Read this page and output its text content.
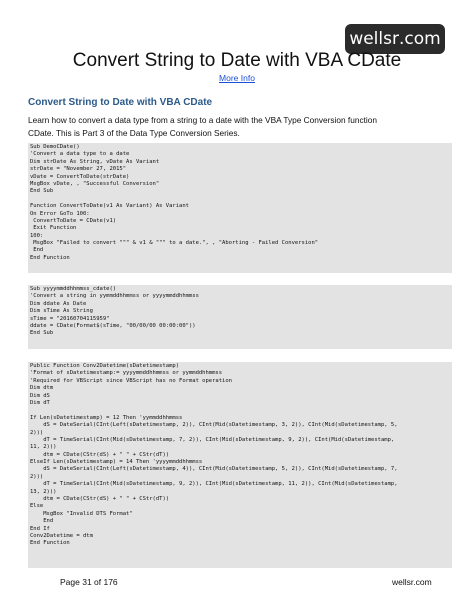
wellsr .com
Convert String to Date with VBA CDate
More Info
Convert String to Date with VBA CDate
Learn how to convert a data type from a string to a date with the VBA Type Conversion function
CDate. This is Part 3 of the Data Type Conversion Series.
Sub DemoCDate()
'Convert a data type to a date
Dim strDate As String, vDate As Variant
strDate = "November 27, 2015"
vDate = ConvertToDate(strDate)
MsgBox vDate, , "Successful Conversion"
End Sub
Function ConvertToDate(v1 As Variant) As Variant
On Error GoTo 100:
ConvertToDate = CDate(v1)
Exit Function
100:
MsgBox "Failed to convert """ & v1 & """ to a date.", , "Aborting - Failed Conversion"
End
End Function
Sub yyyymmddhhmmss_cdate()
'Convert a string in yymmddhhmmss or yyyymmddhhmmss
Dim ddate As Date
Dim sTime As String
sTime = "20160704115959"
ddate = CDate(Format$(sTime, "00/00/00 00:00:00"))
End Sub
Public Function Conv2Datetime(sDatetimestamp)
'Format of sDatetimestamp:= yyyymmddhhmmss or yymmddhhmmss
'Required for VBScript since VBScript has no Format operation
Dim dtm
Dim dS
Dim dT
If Len(sDatetimestamp) = 12 Then 'yymmddhhmmss
dS = DateSerial(CInt(Left(sDatetimestamp, 2)), CInt(Mid(sDatetimestamp, 3, 2)), CInt(Mid(sDatetimestamp, 5,
2)))
dT = TimeSerial(CInt(Mid(sDatetimestamp, 7, 2)), CInt(Mid(sDatetimestamp, 9, 2)), CInt(Mid(sDatetimestamp,
11, 2)))
dtm = CDate(CStr(dS) + " " + CStr(dT))
ElseIf Len(sDatetimestamp) = 14 Then 'yyyymmddhhmmss
dS = DateSerial(CInt(Left(sDatetimestamp, 4)), CInt(Mid(sDatetimestamp, 5, 2)), CInt(Mid(sDatetimestamp, 7,
2)))
dT = TimeSerial(CInt(Mid(sDatetimestamp, 9, 2)), CInt(Mid(sDatetimestamp, 11, 2)), CInt(Mid(sDatetimestamp,
13, 2)))
dtm = CDate(CStr(dS) + " " + CStr(dT))
Else
MsgBox "Invalid DTS Format"
End
End If
Conv2Datetime = dtm
End Function
Page 31 of 176	wellsr.com
